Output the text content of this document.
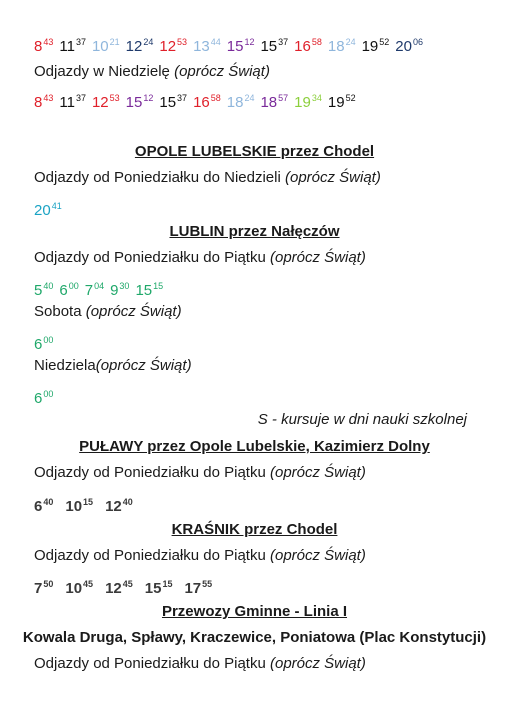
$8^{43}$ $11^{37}$ $10^{21}$ $12^{24}$ $12^{53}$ $13^{44}$ $15^{12}$ $15^{37}$ $16^{58}$ $18^{24}$ $19^{52}$ $20^{06}$
Odjazdy w Niedzielę (oprócz Świąt)
$8^{43}$ $11^{37}$ $12^{53}$ $15^{12}$ $15^{37}$ $16^{58}$ $18^{24}$ $18^{57}$ $19^{34}$ $19^{52}$
OPOLE LUBELSKIE przez Chodel
Odjazdy od Poniedziałku do Niedzieli (oprócz Świąt)
$20^{41}$
LUBLIN przez Nałęczów
Odjazdy od Poniedziałku do Piątku (oprócz Świąt)
$5^{40}$ $6^{00}$ $7^{04}$ $9^{30}$ $15^{15}$
Sobota (oprócz Świąt)
$6^{00}$
Niedziela(oprócz Świąt)
$6^{00}$
S - kursuje w dni nauki szkolnej
PUŁAWY przez Opole Lubelskie, Kazimierz Dolny
Odjazdy od Poniedziałku do Piątku (oprócz Świąt)
$6^{40}$ $10^{15}$ $12^{40}$
KRAŚNIK przez Chodel
Odjazdy od Poniedziałku do Piątku (oprócz Świąt)
$7^{50}$ $10^{45}$ $12^{45}$ $15^{15}$ $17^{55}$
Przewozy Gminne - Linia I
Kowala Druga, Spławy, Kraczewice, Poniatowa (Plac Konstytucji)
Odjazdy od Poniedziałku do Piątku (oprócz Świąt)
